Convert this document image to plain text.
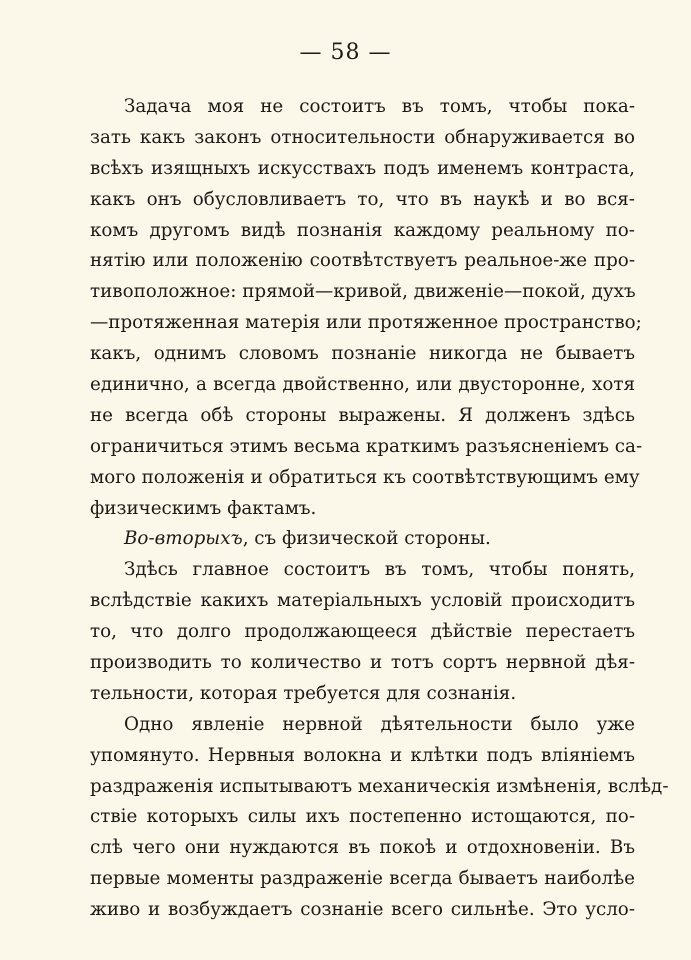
— 58 —
Задача моя не состоитъ въ томъ, чтобы пока-
зать какъ законъ относительности обнаруживается во
всѣхъ изящныхъ искусствахъ подъ именемъ контраста,
какъ онъ обусловливаетъ то, что въ наукѣ и во вся-
комъ другомъ видѣ познанія каждому реальному по-
нятію или положенію соотвѣтствуетъ реальное-же про-
тивоположное: прямой—кривой, движеніе—покой, духъ
—протяженная матерія или протяженное пространство;
какъ, однимъ словомъ познаніе никогда не бываетъ
единично, а всегда двойственно, или двусторонне, хотя
не всегда обѣ стороны выражены. Я долженъ здѣсь
ограничиться этимъ весьма краткимъ разъясненіемъ са-
мого положенія и обратиться къ соотвѣтствующимъ ему
физическимъ фактамъ.
Во-вторыхъ, съ физической стороны.
Здѣсь главное состоитъ въ томъ, чтобы понять,
вслѣдствіе какихъ матеріальныхъ условій происходитъ
то, что долго продолжающееся дѣйствіе перестаетъ
производить то количество и тотъ сортъ нервной дѣя-
тельности, которая требуется для сознанія.
Одно явленіе нервной дѣятельности было уже
упомянуто. Нервныя волокна и клѣтки подъ вліяніемъ
раздраженія испытываютъ механическія измѣненія, вслѣд-
ствіе которыхъ силы ихъ постепенно истощаются, по-
слѣ чего они нуждаются въ покоѣ и отдохновеніи. Въ
первые моменты раздраженіе всегда бываетъ наиболѣе
живо и возбуждаетъ сознаніе всего сильнѣе. Это усло-
